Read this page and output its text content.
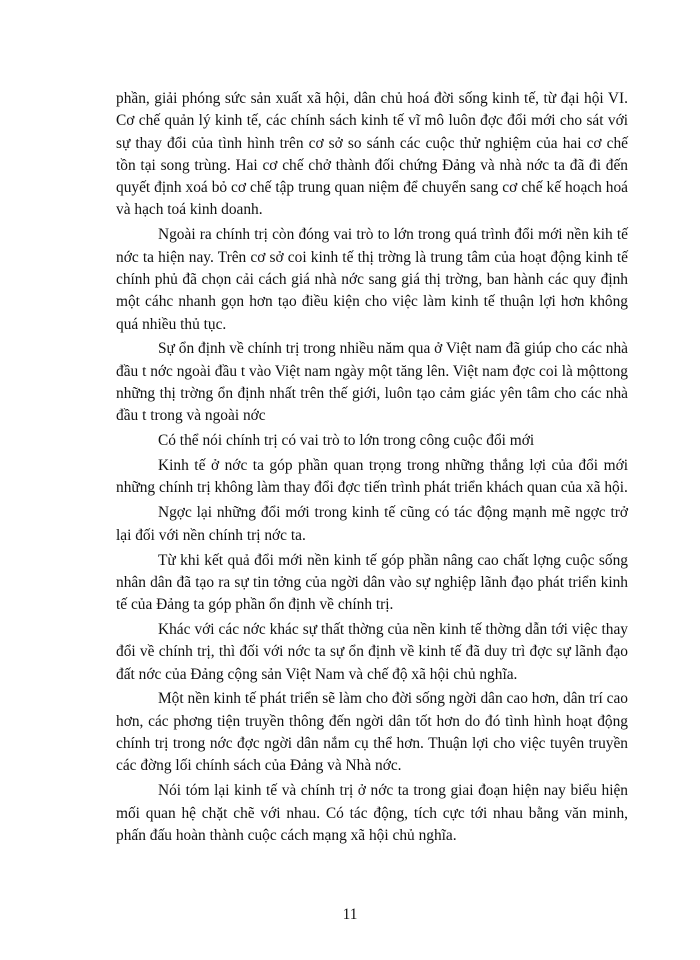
phần, giải phóng sức sản xuất xã hội, dân chủ hoá đời sống kinh tế, từ đại hội VI. Cơ chế quản lý kinh tế, các chính sách kinh tế vĩ mô luôn đợc đổi mới cho sát với sự thay đổi của tình hình trên cơ sở so sánh các cuộc thử nghiệm của hai cơ chế tồn tại song trùng. Hai cơ chế chở thành đối chứng Đảng và nhà nớc ta đã đi đến quyết định xoá bỏ cơ chế tập trung quan niệm để chuyển sang cơ chế kế hoạch hoá và hạch toá kinh doanh.

Ngoài ra chính trị còn đóng vai trò to lớn trong quá trình đổi mới nền kih tế nớc ta hiện nay. Trên cơ sở coi kinh tế thị trờng là trung tâm của hoạt động kinh tế chính phủ đã chọn cải cách giá nhà nớc sang giá thị trờng, ban hành các quy định một cáhc nhanh gọn hơn tạo điều kiện cho việc làm kinh tế thuận lợi hơn không quá nhiều thủ tục.

Sự ổn định về chính trị trong nhiều năm qua ở Việt nam đã giúp cho các nhà đầu t nớc ngoài đầu t vào Việt nam ngày một tăng lên. Việt nam đợc coi là mộttong những thị trờng ổn định nhất trên thế giới, luôn tạo cảm giác yên tâm cho các nhà đầu t trong và ngoài nớc

Có thể nói chính trị có vai trò to lớn trong công cuộc đổi mới

Kinh tế ở nớc ta góp phần quan trọng trong những thắng lợi của đổi mới những chính trị không làm thay đổi đợc tiến trình phát triển khách quan của xã hội.

Ngợc lại những đổi mới trong kinh tế cũng có tác động mạnh mẽ ngợc trở lại đối với nền chính trị nớc ta.

Từ khi kết quả đổi mới nền kinh tế góp phần nâng cao chất lợng cuộc sống nhân dân đã tạo ra sự tin tởng của ngời dân vào sự nghiệp lãnh đạo phát triển kinh tế của Đảng ta góp phần ổn định về chính trị.

Khác với các nớc khác sự thất thờng của nền kinh tế thờng dẫn tới việc thay đổi về chính trị, thì đối với nớc ta sự ổn định về kinh tế đã duy trì đợc sự lãnh đạo đất nớc của Đảng cộng sản Việt Nam và chế độ xã hội chủ nghĩa.

Một nền kinh tế phát triển sẽ làm cho đời sống ngời dân cao hơn, dân trí cao hơn, các phơng tiện truyền thông đến ngời dân tốt hơn do đó tình hình hoạt động chính trị trong nớc đợc ngời dân nắm cụ thể hơn. Thuận lợi cho việc tuyên truyền các đờng lối chính sách của Đảng và Nhà nớc.

Nói tóm lại kinh tế và chính trị ở nớc ta trong giai đoạn hiện nay biểu hiện mối quan hệ chặt chẽ với nhau. Có tác động, tích cực tới nhau bằng văn minh, phấn đấu hoàn thành cuộc cách mạng xã hội chủ nghĩa.

11
